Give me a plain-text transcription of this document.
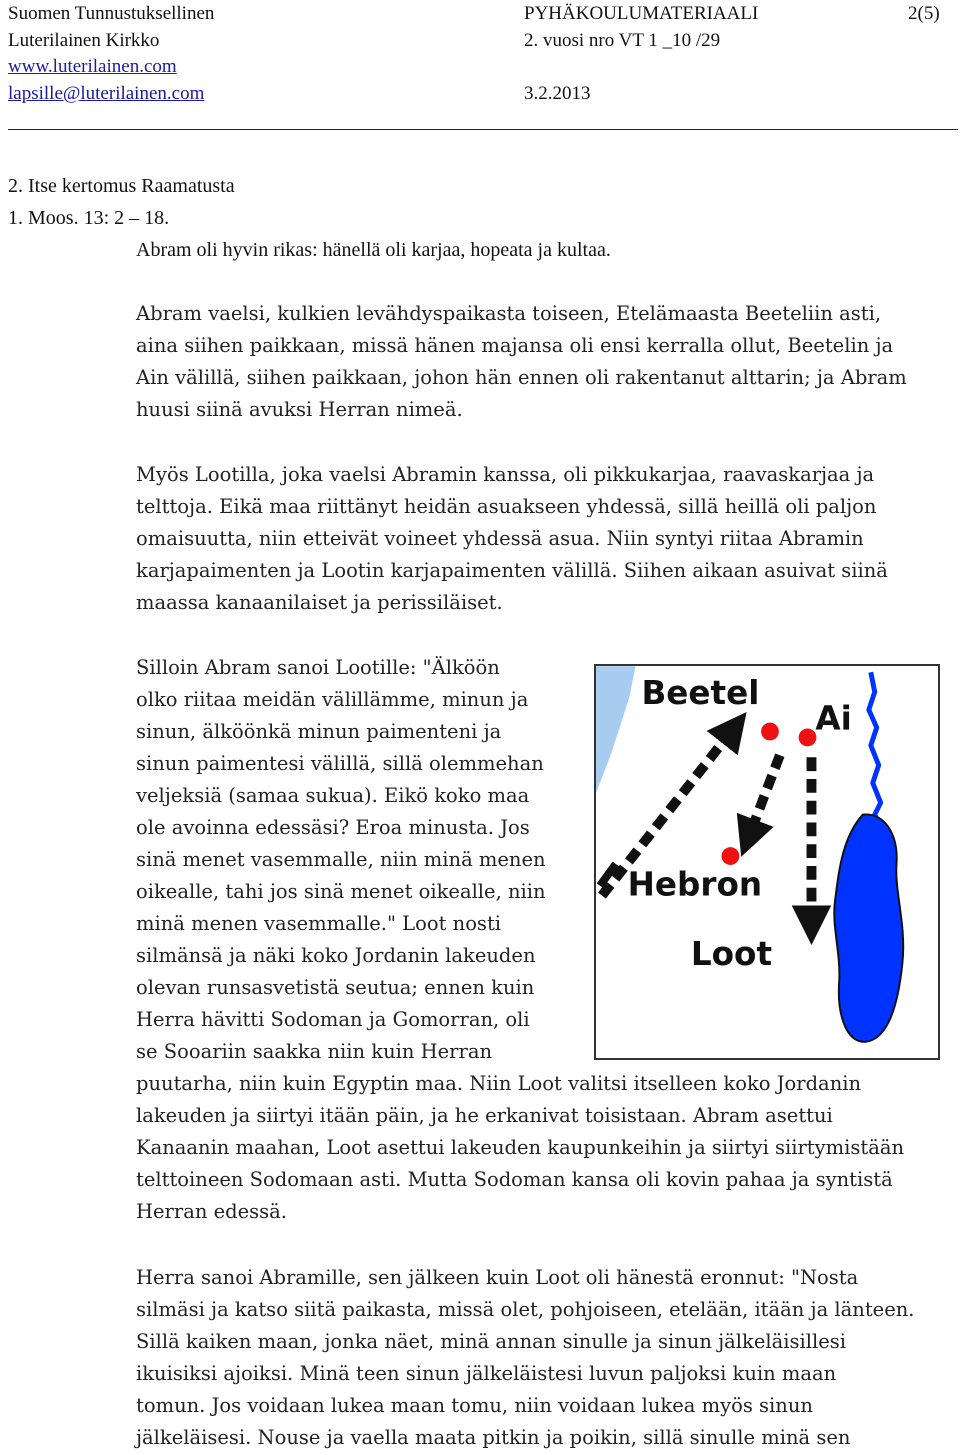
Suomen Tunnustuksellinen
Luterilainen Kirkko
www.luterilainen.com
lapsille@luterilainen.com
PYHÄKOULUMATERIAALI
2. vuosi nro VT 1 _10 /29
3.2.2013
2(5)
2. Itse kertomus Raamatusta
1. Moos. 13: 2 – 18.
Abram oli hyvin rikas: hänellä oli karjaa, hopeata ja kultaa.
Abram vaelsi, kulkien levähdyspaikasta toiseen, Etelämaasta Beeteliin asti,
aina siihen paikkaan, missä hänen majansa oli ensi kerralla ollut, Beetelin ja
Ain välillä, siihen paikkaan, johon hän ennen oli rakentanut alttarin; ja Abram
huusi siinä avuksi Herran nimeä.
Myös Lootilla, joka vaelsi Abramin kanssa, oli pikkukarjaa, raavaskarjaa ja
telttoja. Eikä maa riittänyt heidän asuakseen yhdessä, sillä heillä oli paljon
omaisuutta, niin etteivät voineet yhdessä asua. Niin syntyi riitaa Abramin
karjapaimenten ja Lootin karjapaimenten välillä. Siihen aikaan asuivat siinä
maassa kanaanilaiset ja perissiläiset.
Silloin Abram sanoi Lootille: "Älköön
olko riitaa meidän välillämme, minun ja
sinun, älköönkä minun paimenteni ja
sinun paimentesi välillä, sillä olemmehan
veljeksiä (samaa sukua). Eikö koko maa
ole avoinna edessäsi? Eroa minusta. Jos
sinä menet vasemmalle, niin minä menen
oikealle, tahi jos sinä menet oikealle, niin
minä menen vasemmalle." Loot nosti
silmänsä ja näki koko Jordanin lakeuden
olevan runsasvetistä seutua; ennen kuin
Herra hävitti Sodoman ja Gomorran, oli
se Sooariin saakka niin kuin Herran
puutarha, niin kuin Egyptin maa. Niin Loot valitsi itselleen koko Jordanin
lakeuden ja siirtyi itään päin, ja he erkanivat toisistaan. Abram asettui
Kanaanin maahan, Loot asettui lakeuden kaupunkeihin ja siirtyi siirtymistään
telttoineen Sodomaan asti. Mutta Sodoman kansa oli kovin pahaa ja syntistä
Herran edessä.
Herra sanoi Abramille, sen jälkeen kuin Loot oli hänestä eronnut: "Nosta
silmäsi ja katso siitä paikasta, missä olet, pohjoiseen, etelään, itään ja länteen.
Sillä kaiken maan, jonka näet, minä annan sinulle ja sinun jälkeläisillesi
ikuisiksi ajoiksi. Minä teen sinun jälkeläistesi luvun paljoksi kuin maan
tomun. Jos voidaan lukea maan tomu, niin voidaan lukea myös sinun
jälkeläisesi. Nouse ja vaella maata pitkin ja poikin, sillä sinulle minä sen
Beetel
Ai
Hebron
Loot
